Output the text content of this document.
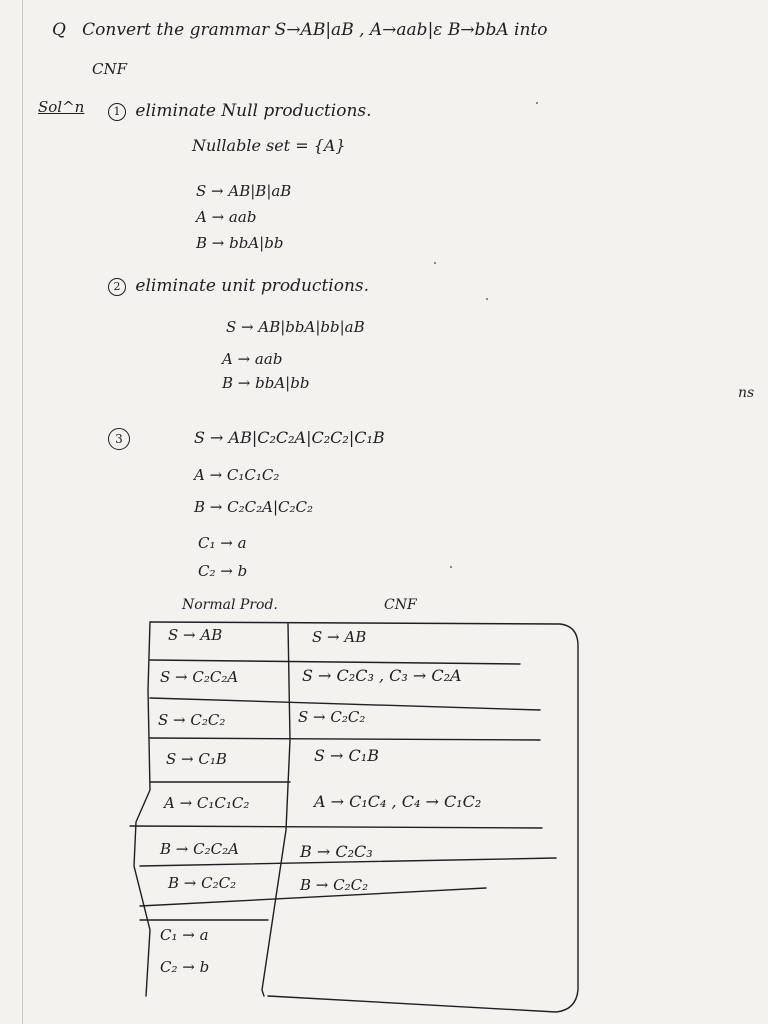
Q Convert the grammar S→AB|aB , A→aab|ε B→bbA into
CNF
Sol^n	1 eliminate Null productions.
Nullable set = {A}
S → AB|B|aB
A → aab
B → bbA|bb
2 eliminate unit productions.
S → AB|bbA|bb|aB
A → aab
B → bbA|bb
ns
3	S → AB|C₂C₂A|C₂C₂|C₁B
A → C₁C₁C₂
B → C₂C₂A|C₂C₂
C₁ → a
C₂ → b
Normal Prod.	CNF
S → AB	S → AB
S → C₂C₂A	S → C₂C₃ , C₃ → C₂A
S → C₂C₂	S → C₂C₂
S → C₁B	S → C₁B
A → C₁C₁C₂	A → C₁C₄ , C₄ → C₁C₂
B → C₂C₂A	B → C₂C₃
B → C₂C₂	B → C₂C₂
C₁ → a
C₂ → b
